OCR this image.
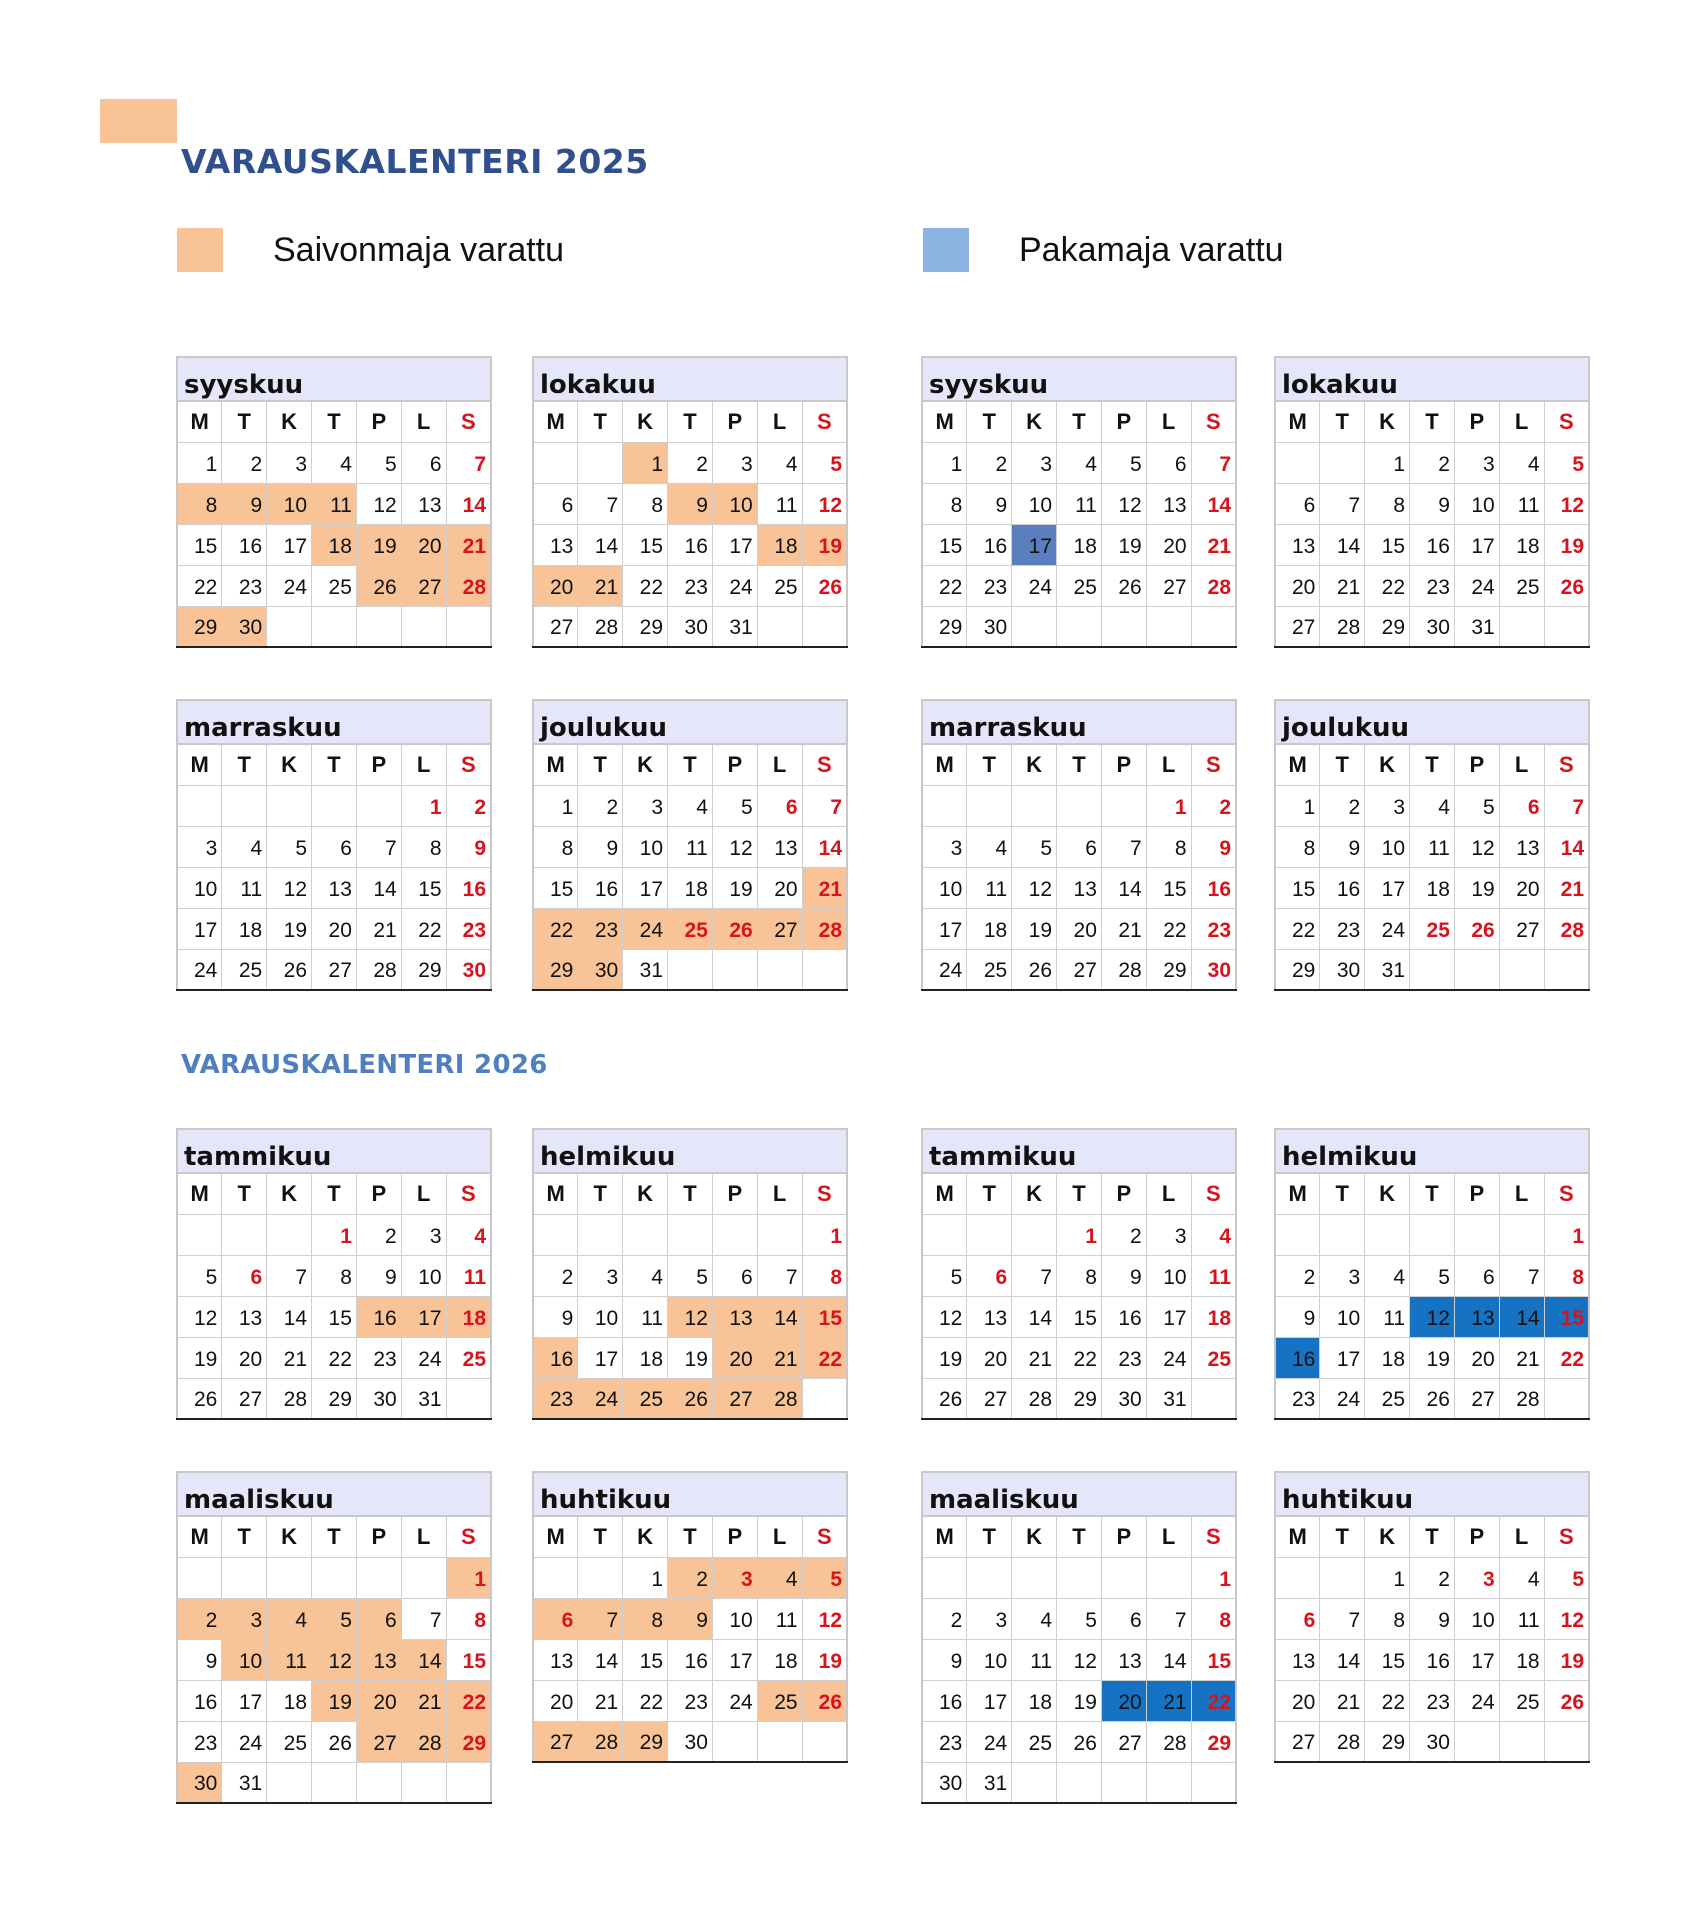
VARAUSKALENTERI 2025
Saivonmaja varattu	Pakamaja varattu
VARAUSKALENTERI 2026
syyskuu						
M	T	K	T	P	L	S
1	2	3	4	5	6	7
8	9	10	11	12	13	14
15	16	17	18	19	20	21
22	23	24	25	26	27	28
29	30					
lokakuu						
M	T	K	T	P	L	S
		1	2	3	4	5
6	7	8	9	10	11	12
13	14	15	16	17	18	19
20	21	22	23	24	25	26
27	28	29	30	31		
syyskuu						
M	T	K	T	P	L	S
1	2	3	4	5	6	7
8	9	10	11	12	13	14
15	16	17	18	19	20	21
22	23	24	25	26	27	28
29	30					
lokakuu						
M	T	K	T	P	L	S
		1	2	3	4	5
6	7	8	9	10	11	12
13	14	15	16	17	18	19
20	21	22	23	24	25	26
27	28	29	30	31		
marraskuu						
M	T	K	T	P	L	S
					1	2
3	4	5	6	7	8	9
10	11	12	13	14	15	16
17	18	19	20	21	22	23
24	25	26	27	28	29	30
joulukuu						
M	T	K	T	P	L	S
1	2	3	4	5	6	7
8	9	10	11	12	13	14
15	16	17	18	19	20	21
22	23	24	25	26	27	28
29	30	31				
marraskuu						
M	T	K	T	P	L	S
					1	2
3	4	5	6	7	8	9
10	11	12	13	14	15	16
17	18	19	20	21	22	23
24	25	26	27	28	29	30
joulukuu						
M	T	K	T	P	L	S
1	2	3	4	5	6	7
8	9	10	11	12	13	14
15	16	17	18	19	20	21
22	23	24	25	26	27	28
29	30	31				
tammikuu						
M	T	K	T	P	L	S
			1	2	3	4
5	6	7	8	9	10	11
12	13	14	15	16	17	18
19	20	21	22	23	24	25
26	27	28	29	30	31	
helmikuu						
M	T	K	T	P	L	S
						1
2	3	4	5	6	7	8
9	10	11	12	13	14	15
16	17	18	19	20	21	22
23	24	25	26	27	28	
tammikuu						
M	T	K	T	P	L	S
			1	2	3	4
5	6	7	8	9	10	11
12	13	14	15	16	17	18
19	20	21	22	23	24	25
26	27	28	29	30	31	
helmikuu						
M	T	K	T	P	L	S
						1
2	3	4	5	6	7	8
9	10	11	12	13	14	15
16	17	18	19	20	21	22
23	24	25	26	27	28	
maaliskuu						
M	T	K	T	P	L	S
						1
2	3	4	5	6	7	8
9	10	11	12	13	14	15
16	17	18	19	20	21	22
23	24	25	26	27	28	29
30	31					
huhtikuu						
M	T	K	T	P	L	S
		1	2	3	4	5
6	7	8	9	10	11	12
13	14	15	16	17	18	19
20	21	22	23	24	25	26
27	28	29	30			
maaliskuu						
M	T	K	T	P	L	S
						1
2	3	4	5	6	7	8
9	10	11	12	13	14	15
16	17	18	19	20	21	22
23	24	25	26	27	28	29
30	31					
huhtikuu						
M	T	K	T	P	L	S
		1	2	3	4	5
6	7	8	9	10	11	12
13	14	15	16	17	18	19
20	21	22	23	24	25	26
27	28	29	30			
